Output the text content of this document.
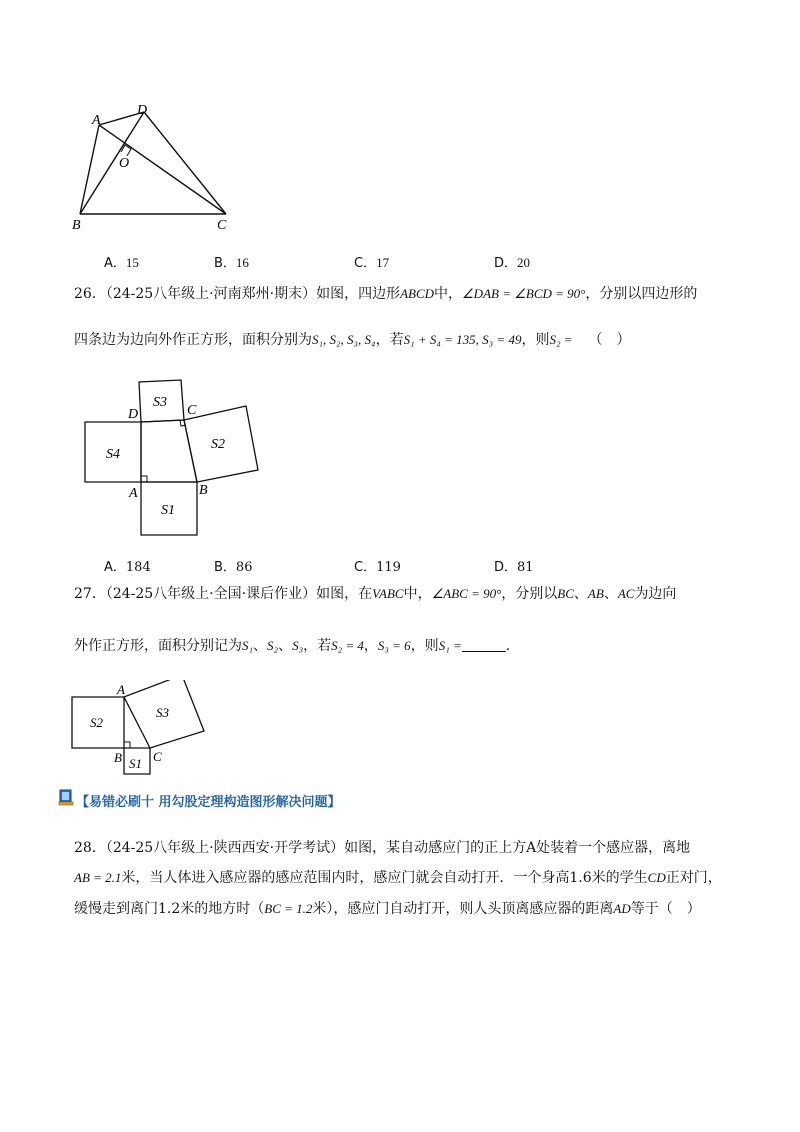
A
D
O
B	C
A．15	B．16	C．17	D．20
26．（24-25八年级上·河南郑州·期末）如图，四边形ABCD中，∠DAB = ∠BCD = 90°，分别以四边形的
四条边为边向外作正方形，面积分别为S₁, S₂, S₃, S₄，若S₁ + S₄ = 135, S₃ = 49，则S₂ = （　）
S3
D	C
S4
S2
A	B
S1
A．184	B．86	C．119	D．81
27．（24-25八年级上·全国·课后作业）如图，在VABC中，∠ABC = 90°，分别以BC、AB、AC为边向
外作正方形，面积分别记为S₁、S₂、S₃，若S₂ = 4，S₃ = 6，则S₁ =	.
A
S2
S3
B C
S1
【易错必刷十 用勾股定理构造图形解决问题】
28．（24-25八年级上·陕西西安·开学考试）如图，某自动感应门的正上方A处装着一个感应器，离地
AB = 2.1米，当人体进入感应器的感应范围内时，感应门就会自动打开．一个身高1.6米的学生CD正对门，
缓慢走到离门1.2米的地方时（BC = 1.2米），感应门自动打开，则人头顶离感应器的距离AD等于（　）
